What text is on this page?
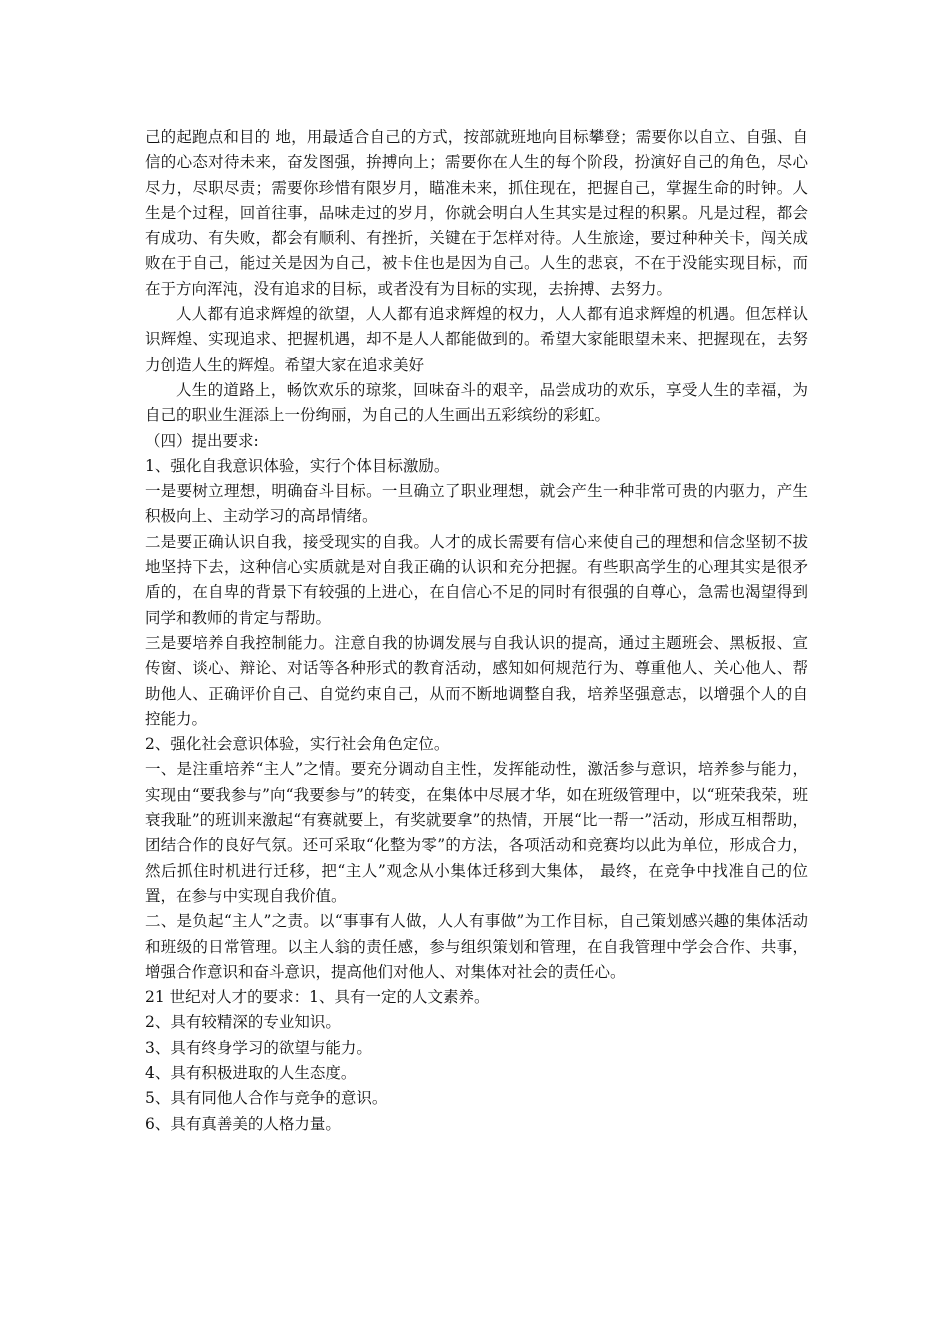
己的起跑点和目的 地，用最适合自己的方式，按部就班地向目标攀登；需要你以自立、自强、自信的心态对待未来，奋发图强，拚搏向上；需要你在人生的每个阶段，扮演好自己的角色，尽心尽力，尽职尽责；需要你珍惜有限岁月，瞄准未来，抓住现在，把握自己，掌握生命的时钟。人生是个过程，回首往事，品味走过的岁月，你就会明白人生其实是过程的积累。凡是过程，都会有成功、有失败，都会有顺利、有挫折，关键在于怎样对待。人生旅途，要过种种关卡，闯关成败在于自己，能过关是因为自己，被卡住也是因为自己。人生的悲哀，不在于没能实现目标，而在于方向浑沌，没有追求的目标，或者没有为目标的实现，去拚搏、去努力。

人人都有追求辉煌的欲望，人人都有追求辉煌的权力，人人都有追求辉煌的机遇。但怎样认识辉煌、实现追求、把握机遇，却不是人人都能做到的。希望大家能眼望未来、把握现在，去努力创造人生的辉煌。希望大家在追求美好

人生的道路上，畅饮欢乐的琼浆，回味奋斗的艰辛，品尝成功的欢乐，享受人生的幸福，为自己的职业生涯添上一份绚丽，为自己的人生画出五彩缤纷的彩虹。

（四）提出要求:

1、强化自我意识体验，实行个体目标激励。

一是要树立理想，明确奋斗目标。一旦确立了职业理想，就会产生一种非常可贵的内驱力，产生积极向上、主动学习的高昂情绪。

二是要正确认识自我，接受现实的自我。人才的成长需要有信心来使自己的理想和信念坚韧不拔地坚持下去，这种信心实质就是对自我正确的认识和充分把握。有些职高学生的心理其实是很矛盾的，在自卑的背景下有较强的上进心，在自信心不足的同时有很强的自尊心，急需也渴望得到同学和教师的肯定与帮助。

三是要培养自我控制能力。注意自我的协调发展与自我认识的提高，通过主题班会、黑板报、宣传窗、谈心、辩论、对话等各种形式的教育活动，感知如何规范行为、尊重他人、关心他人、帮助他人、正确评价自己、自觉约束自己，从而不断地调整自我，培养坚强意志，以增强个人的自控能力。

2、强化社会意识体验，实行社会角色定位。

一、是注重培养“主人”之情。要充分调动自主性，发挥能动性，激活参与意识，培养参与能力，实现由“要我参与”向“我要参与”的转变，在集体中尽展才华，如在班级管理中，以“班荣我荣，班衰我耻”的班训来激起“有赛就要上，有奖就要拿”的热情，开展“比一帮一”活动，形成互相帮助，团结合作的良好气氛。还可采取“化整为零”的方法，各项活动和竞赛均以此为单位，形成合力，然后抓住时机进行迁移，把“主人”观念从小集体迁移到大集体， 最终，在竞争中找准自己的位置，在参与中实现自我价值。

二、是负起“主人”之责。以“事事有人做，人人有事做”为工作目标，自己策划感兴趣的集体活动和班级的日常管理。以主人翁的责任感，参与组织策划和管理，在自我管理中学会合作、共事，增强合作意识和奋斗意识，提高他们对他人、对集体对社会的责任心。

21 世纪对人才的要求：1、具有一定的人文素养。

2、具有较精深的专业知识。

3、具有终身学习的欲望与能力。

4、具有积极进取的人生态度。

5、具有同他人合作与竞争的意识。

6、具有真善美的人格力量。
